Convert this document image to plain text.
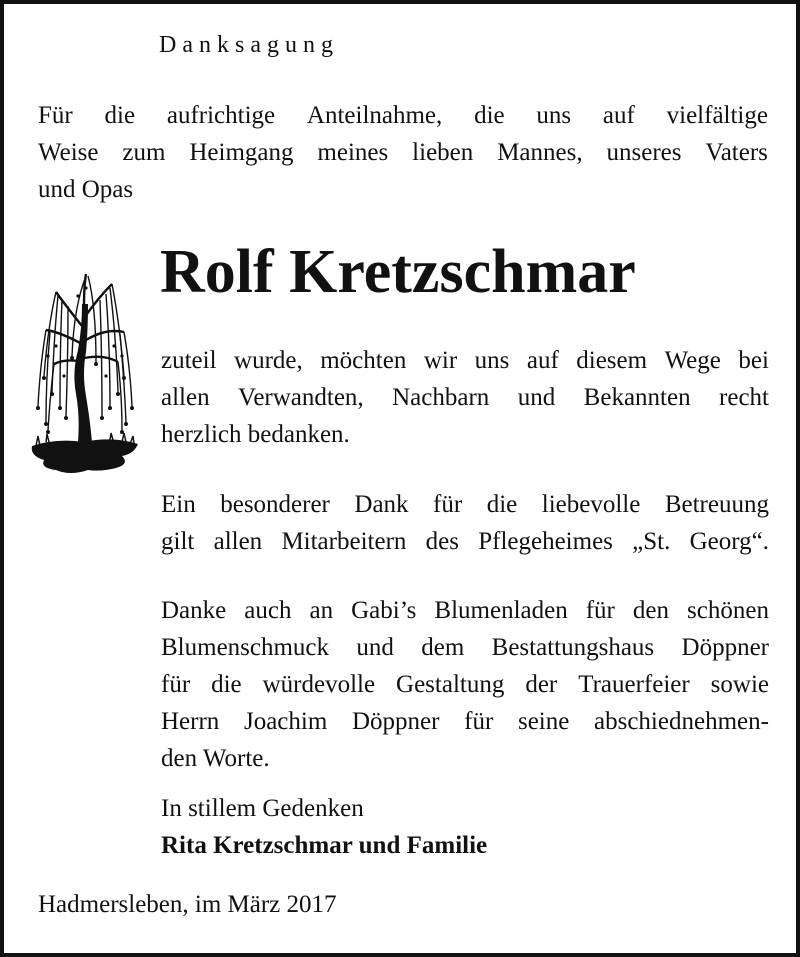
Danksagung
Für die aufrichtige Anteilnahme, die uns auf vielfältige
Weise zum Heimgang meines lieben Mannes, unseres Vaters
und Opas
Rolf Kretzschmar
zuteil wurde, möchten wir uns auf diesem Wege bei
allen Verwandten, Nachbarn und Bekannten recht
herzlich bedanken.
Ein besonderer Dank für die liebevolle Betreuung
gilt allen Mitarbeitern des Pflegeheimes „St. Georg“.
Danke auch an Gabi’s Blumenladen für den schönen
Blumenschmuck und dem Bestattungshaus Döppner
für die würdevolle Gestaltung der Trauerfeier sowie
Herrn Joachim Döppner für seine abschiednehmen-
den Worte.
In stillem Gedenken
Rita Kretzschmar und Familie
Hadmersleben, im März 2017
